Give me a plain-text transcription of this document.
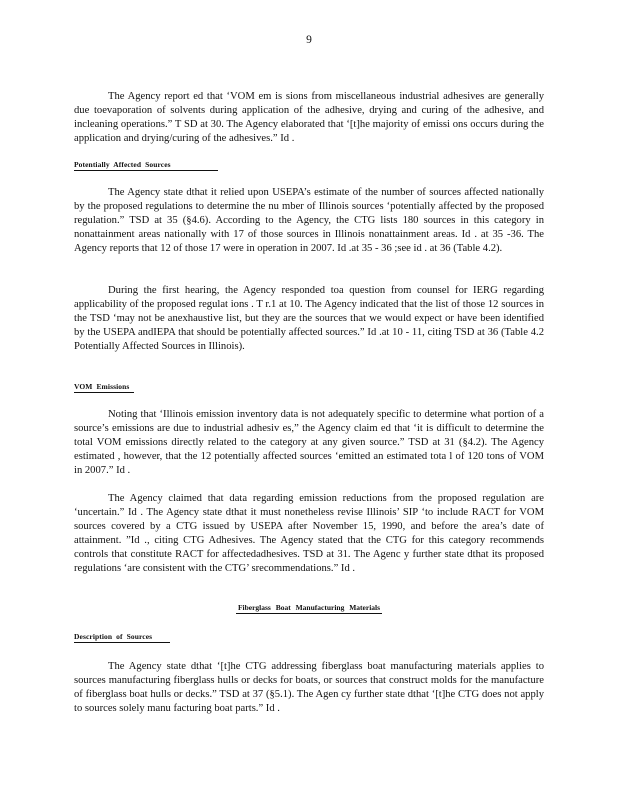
9

The Agency report ed that ‘VOM em is sions from miscellaneous industrial adhesives are generally due toevaporation of solvents during application of the adhesive, drying and curing of the adhesive, and incleaning operations.” T SD at 30. The Agency elaborated that ‘[t]he majority of emissi ons occurs during the application and drying/curing of the adhesives.” Id .

Potentially Affected Sources

The Agency state dthat it relied upon USEPA’s estimate of the number of sources affected nationally by the proposed regulations to determine the nu mber of Illinois sources ‘potentially affected by the proposed regulation.” TSD at 35 (§4.6). According to the Agency, the CTG lists 180 sources in this category in nonattainment areas nationally with 17 of those sources in Illinois nonattainment areas. Id . at 35 -36. The Agency reports that 12 of those 17 were in operation in 2007. Id .at 35 - 36 ;see id . at 36 (Table 4.2).

During the first hearing, the Agency responded toa question from counsel for IERG regarding applicability of the proposed regulat ions . T r.1 at 10. The Agency indicated that the list of those 12 sources in the TSD ‘may not be anexhaustive list, but they are the sources that we would expect or have been identified by the USEPA andIEPA that should be potentially affected sources.” Id .at 10 - 11, citing TSD at 36 (Table 4.2 Potentially Affected Sources in Illinois).

VOM Emissions

Noting that ‘Illinois emission inventory data is not adequately specific to determine what portion of a source’s emissions are due to industrial adhesiv es,” the Agency claim ed that ‘it is difficult to determine the total VOM emissions directly related to the category at any given source.” TSD at 31 (§4.2). The Agency estimated , however, that the 12 potentially affected sources ‘emitted an estimated tota l of 120 tons of VOM in 2007.” Id .

The Agency claimed that data regarding emission reductions from the proposed regulation are ‘uncertain.” Id . The Agency state dthat it must nonetheless revise Illinois’ SIP ‘to include RACT for VOM sources covered by a CTG issued by USEPA after November 15, 1990, and before the area’s date of attainment. ”Id ., citing CTG Adhesives. The Agency stated that the CTG for this category recommends controls that constitute RACT for affectedadhesives. TSD at 31. The Agenc y further state dthat its proposed regulations ‘are consistent with the CTG’ srecommendations.” Id .

Fiberglass Boat Manufacturing Materials
Description of Sources

The Agency state dthat ‘[t]he CTG addressing fiberglass boat manufacturing materials applies to sources manufacturing fiberglass hulls or decks for boats, or sources that construct molds for the manufacture of fiberglass boat hulls or decks.” TSD at 37 (§5.1). The Agen cy further state dthat ‘[t]he CTG does not apply to sources solely manu facturing boat parts.” Id .
